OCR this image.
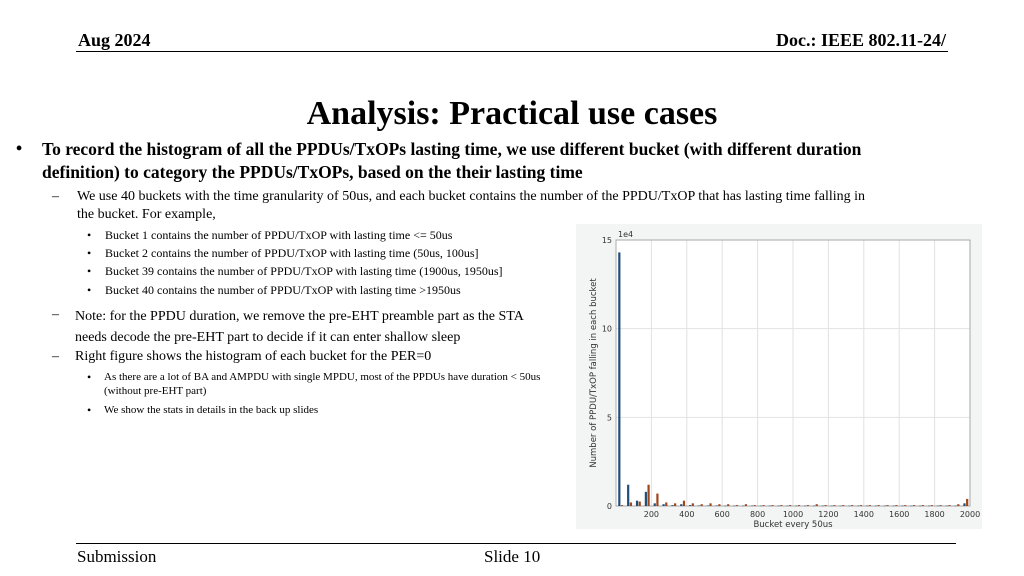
Aug 2024	Doc.: IEEE 802.11-24/
Analysis: Practical use cases
• To record the histogram of all the PPDUs/TxOPs lasting time, we use different bucket (with different duration definition) to category the PPDUs/TxOPs, based on the their lasting time
– We use 40 buckets with the time granularity of 50us, and each bucket contains the number of the PPDU/TxOP that has lasting time falling in the bucket. For example,
• Bucket 1 contains the number of PPDU/TxOP with lasting time <= 50us
• Bucket 2 contains the number of PPDU/TxOP with lasting time (50us, 100us]
• Bucket 39 contains the number of PPDU/TxOP with lasting time (1900us, 1950us]
• Bucket 40 contains the number of PPDU/TxOP with lasting time >1950us
– Note: for the PPDU duration, we remove the pre-EHT preamble part as the STA
needs decode the pre-EHT part to decide if it can enter shallow sleep
– Right figure shows the histogram of each bucket for the PER=0
• As there are a lot of BA and AMPDU with single MPDU, most of the PPDUs have duration < 50us (without pre-EHT part)
• We show the stats in details in the back up slides
200	400	600	800 1000 1200 1400 1600 1800 2000
0
5
10
15
1e4
Bucket every 50us
Number of PPDU/TxOP falling in each bucket
Submission	Slide 10
